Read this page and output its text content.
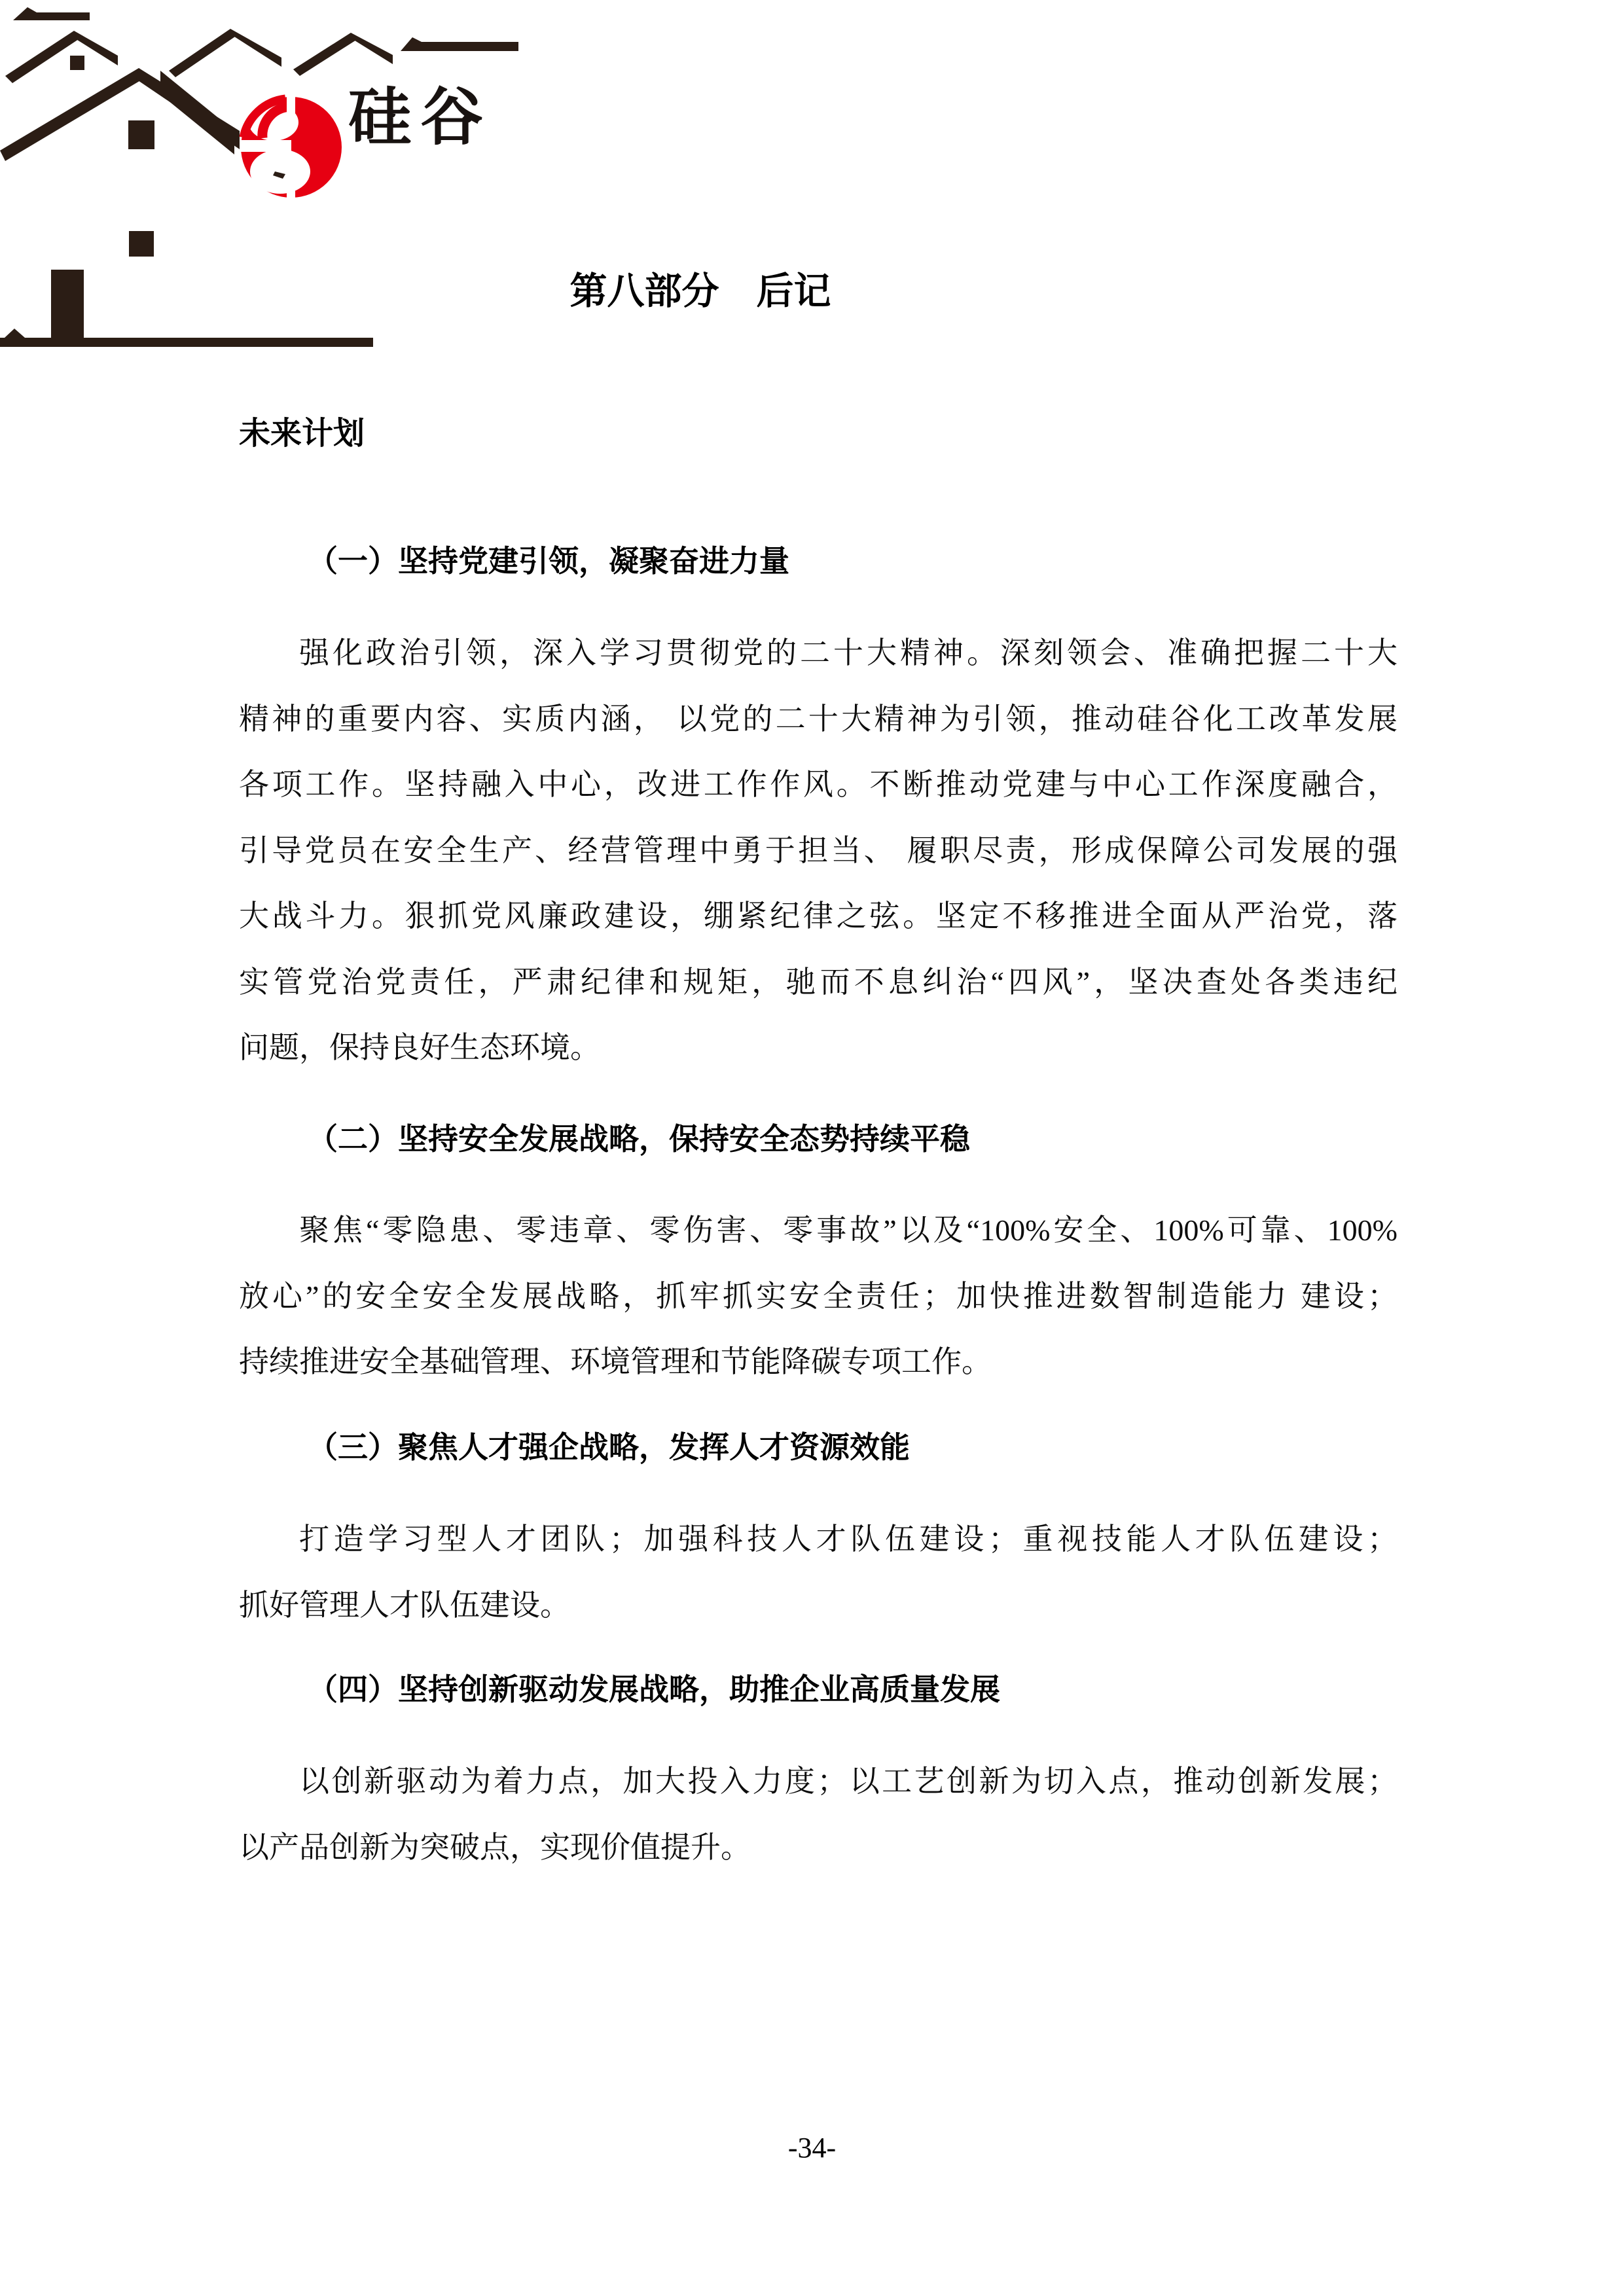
硅谷
第八部分　后记
未来计划
（一）坚持党建引领，凝聚奋进力量
强化政治引领，深入学习贯彻党的二十大精神。深刻领会、准确把握二十大
精神的重要内容、实质内涵， 以党的二十大精神为引领，推动硅谷化工改革发展
各项工作。坚持融入中心，改进工作作风。不断推动党建与中心工作深度融合，
引导党员在安全生产、经营管理中勇于担当、 履职尽责，形成保障公司发展的强
大战斗力。狠抓党风廉政建设，绷紧纪律之弦。坚定不移推进全面从严治党，落
实管党治党责任，严肃纪律和规矩，驰而不息纠治“四风”，坚决查处各类违纪
问题，保持良好生态环境。
（二）坚持安全发展战略，保持安全态势持续平稳
聚焦“零隐患、零违章、零伤害、零事故”以及“100%安全、100%可靠、100%
放心”的安全安全发展战略，抓牢抓实安全责任；加快推进数智制造能力 建设；
持续推进安全基础管理、环境管理和节能降碳专项工作。
（三）聚焦人才强企战略，发挥人才资源效能
打造学习型人才团队；加强科技人才队伍建设；重视技能人才队伍建设；
抓好管理人才队伍建设。
（四）坚持创新驱动发展战略，助推企业高质量发展
以创新驱动为着力点，加大投入力度；以工艺创新为切入点，推动创新发展；
以产品创新为突破点，实现价值提升。
-34-
